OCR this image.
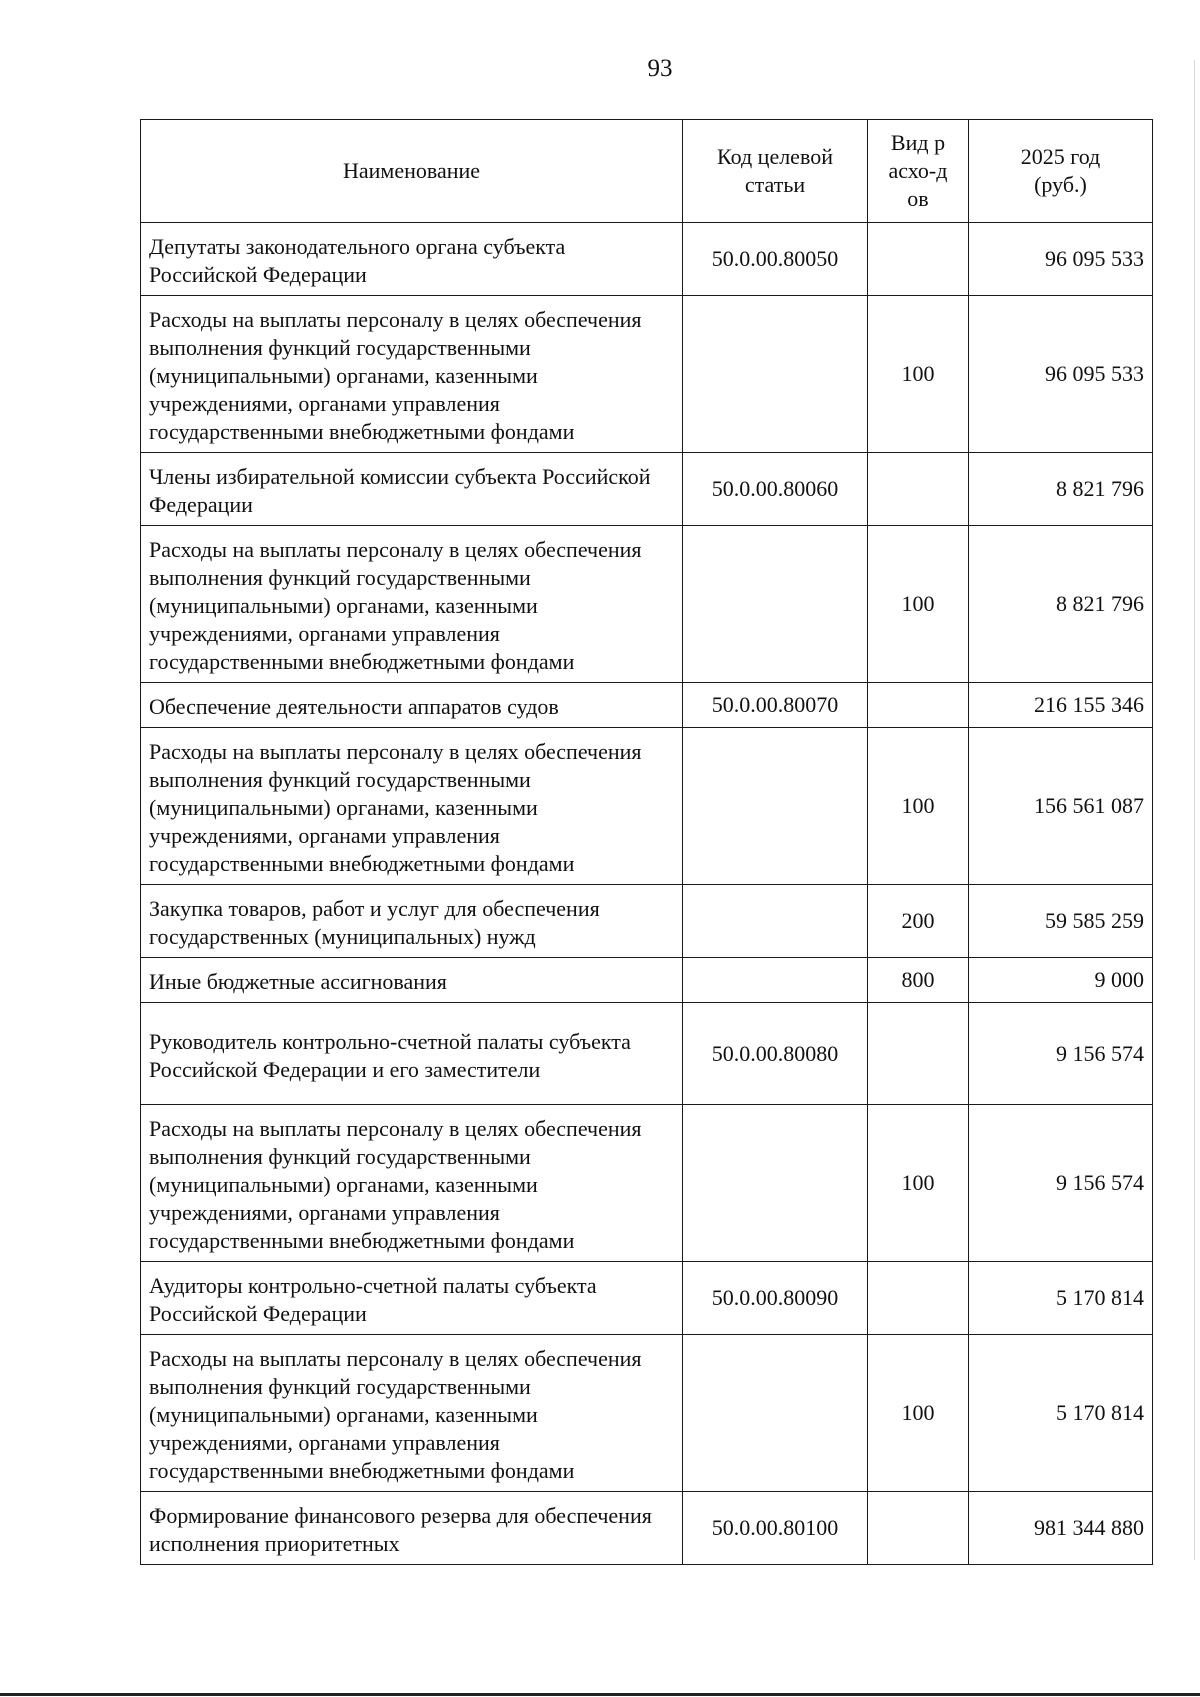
93
Наименование	Код целевой статьи	Вид расхо-дов	2025 год (руб.)
Депутаты законодательного органа субъекта Российской Федерации	50.0.00.80050		96 095 533
Расходы на выплаты персоналу в целях обеспечения выполнения функций государственными (муниципальными) органами, казенными учреждениями, органами управления государственными внебюджетными фондами		100	96 095 533
Члены избирательной комиссии субъекта Российской Федерации	50.0.00.80060		8 821 796
Расходы на выплаты персоналу в целях обеспечения выполнения функций государственными (муниципальными) органами, казенными учреждениями, органами управления государственными внебюджетными фондами		100	8 821 796
Обеспечение деятельности аппаратов судов	50.0.00.80070		216 155 346
Расходы на выплаты персоналу в целях обеспечения выполнения функций государственными (муниципальными) органами, казенными учреждениями, органами управления государственными внебюджетными фондами		100	156 561 087
Закупка товаров, работ и услуг для обеспечения государственных (муниципальных) нужд		200	59 585 259
Иные бюджетные ассигнования		800	9 000
Руководитель контрольно-счетной палаты субъекта Российской Федерации и его заместители	50.0.00.80080		9 156 574
Расходы на выплаты персоналу в целях обеспечения выполнения функций государственными (муниципальными) органами, казенными учреждениями, органами управления государственными внебюджетными фондами		100	9 156 574
Аудиторы контрольно-счетной палаты субъекта Российской Федерации	50.0.00.80090		5 170 814
Расходы на выплаты персоналу в целях обеспечения выполнения функций государственными (муниципальными) органами, казенными учреждениями, органами управления государственными внебюджетными фондами		100	5 170 814
Формирование финансового резерва для обеспечения исполнения приоритетных	50.0.00.80100		981 344 880
